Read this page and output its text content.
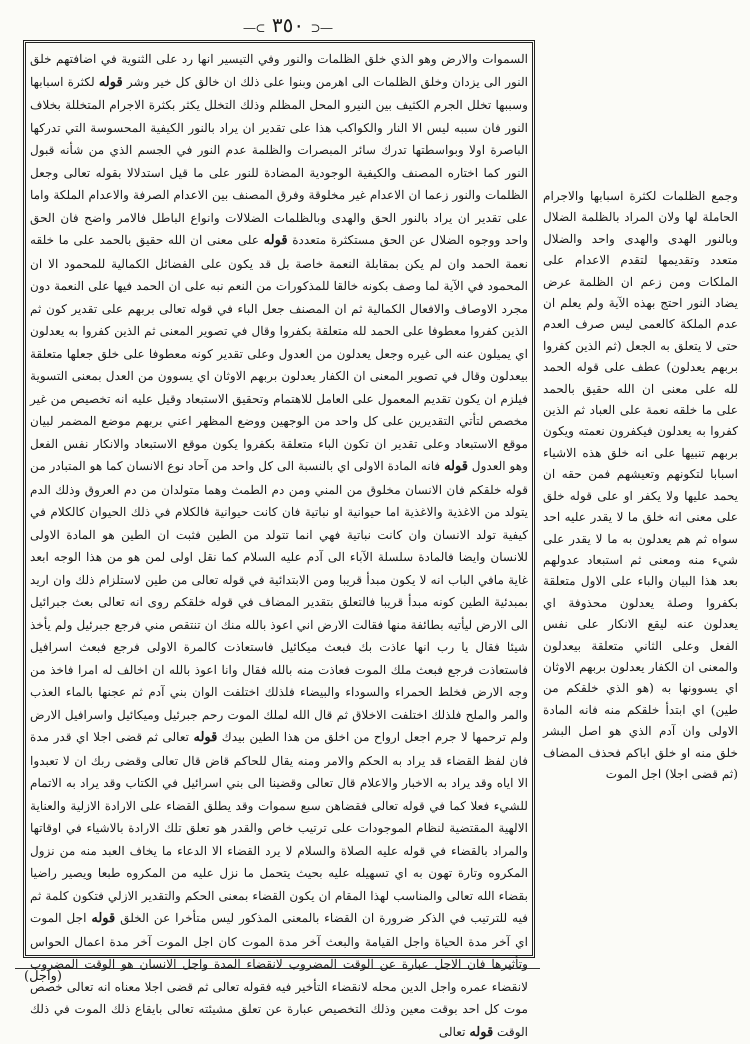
―⊂ ٣٥٠ ⊃―

السموات والارض وهو الذي خلق الظلمات والنور وفي التيسير انها رد على الثنوية في اضافتهم خلق النور الى يزدان وخلق الظلمات الى اهرمن وبنوا على ذلك ان خالق كل خير وشر قوله لكثرة اسبابها وسببها تخلل الجرم الكثيف بين النيرو المحل المظلم وذلك التخلل يكثر بكثرة الاجرام المتخللة بخلاف النور فان سببه ليس الا النار والكواكب هذا على تقدير ان يراد بالنور الكيفية المحسوسة التي تدركها الباصرة اولا وبواسطتها تدرك سائر المبصرات والظلمة عدم النور في الجسم الذي من شأنه قبول النور كما اختاره المصنف والكيفية الوجودية المضادة للنور على ما قيل استدلالا بقوله تعالى وجعل الظلمات والنور زعما ان الاعدام غير مخلوقة وفرق المصنف بين الاعدام الصرفة والاعدام الملكة واما على تقدير ان يراد بالنور الحق والهدى وبالظلمات الضلالات وانواع الباطل فالامر واضح فان الحق واحد ووجوه الضلال عن الحق مستكثرة متعددة قوله على معنى ان الله حقيق بالحمد على ما خلقه نعمة الحمد وان لم يكن بمقابلة النعمة خاصة بل قد يكون على الفضائل الكمالية للمحمود الا ان المحمود في الآية لما وصف بكونه خالقا للمذكورات من النعم نبه على ان الحمد فيها على النعمة دون مجرد الاوصاف والافعال الكمالية ثم ان المصنف جعل الباء في قوله تعالى بربهم على تقدير كون ثم الذين كفروا معطوفا على الحمد لله متعلقة بكفروا وقال في تصوير المعنى ثم الذين كفروا به يعدلون اي يميلون عنه الى غيره وجعل يعدلون من العدول وعلى تقدير كونه معطوفا على خلق جعلها متعلقة بيعدلون وقال في تصوير المعنى ان الكفار يعدلون بربهم الاوثان اي يسوون من العدل بمعنى التسوية فيلزم ان يكون تقديم المعمول على العامل للاهتمام وتحقيق الاستبعاد وقيل عليه انه تخصيص من غير مخصص لتأتي التقديرين على كل واحد من الوجهين ووضع المظهر اعني بربهم موضع المضمر لبيان موقع الاستبعاد وعلى تقدير ان تكون الباء متعلقة بكفروا يكون موقع الاستبعاد والانكار نفس الفعل وهو العدول قوله فانه المادة الاولى اي بالنسبة الى كل واحد من آحاد نوع الانسان كما هو المتبادر من قوله خلقكم فان الانسان مخلوق من المني ومن دم الطمث وهما متولدان من دم العروق وذلك الدم يتولد من الاغذية والاغذية اما حيوانية او نباتية فان كانت حيوانية فالكلام في ذلك الحيوان كالكلام في كيفية تولد الانسان وان كانت نباتية فهي انما تتولد من الطين فثبت ان الطين هو المادة الاولى للانسان وايضا فالمادة سلسلة الآباء الى آدم عليه السلام كما نقل اولى لمن هو من هذا الوجه ابعد غاية مافي الباب انه لا يكون مبدأ قريبا ومن الابتدائية في قوله تعالى من طين لاستلزام ذلك وان اريد بمبدئية الطين كونه مبدأ قريبا فالتعلق بتقدير المضاف في قوله خلقكم روى انه تعالى بعث جبرائيل الى الارض ليأتيه بطائفة منها فقالت الارض اني اعوذ بالله منك ان تنتقص مني فرجع جبرئيل ولم يأخذ شيئا فقال يا رب انها عاذت بك فبعث ميكائيل فاستعاذت كالمرة الاولى فرجع فبعث اسرافيل فاستعاذت فرجع فبعث ملك الموت فعاذت منه بالله فقال وانا اعوذ بالله ان اخالف له امرا فاخذ من وجه الارض فخلط الحمراء والسوداء والبيضاء فلذلك اختلفت الوان بني آدم ثم عجنها بالماء العذب والمر والملح فلذلك اختلفت الاخلاق ثم قال الله لملك الموت رحم جبرئيل وميكائيل واسرافيل الارض ولم ترحمها لا جرم اجعل ارواح من اخلق من هذا الطين بيدك قوله تعالى ثم قضى اجلا اي قدر مدة فان لفظ القضاء قد يراد به الحكم والامر ومنه يقال للحاكم قاض قال تعالى وقضى ربك ان لا تعبدوا الا اياه وقد يراد به الاخبار والاعلام قال تعالى وقضينا الى بني اسرائيل في الكتاب وقد يراد به الاتمام للشيء فعلا كما في قوله تعالى فقضاهن سبع سموات وقد يطلق القضاء على الارادة الازلية والعناية الالهية المقتضية لنظام الموجودات على ترتيب خاص والقدر هو تعلق تلك الارادة بالاشياء في اوقاتها والمراد بالقضاء في قوله عليه الصلاة والسلام لا يرد القضاء الا الدعاء ما يخاف العبد منه من نزول المكروه وتارة تهون به اي تسهيله عليه بحيث يتحمل ما نزل عليه من المكروه طبعا ويصير راضيا بقضاء الله تعالى والمناسب لهذا المقام ان يكون القضاء بمعنى الحكم والتقدير الازلي فتكون كلمة ثم فيه للترتيب في الذكر ضرورة ان القضاء بالمعنى المذكور ليس متأخرا عن الخلق قوله اجل الموت اي آخر مدة الحياة واجل القيامة والبعث آخر مدة الموت كان اجل الموت آخر مدة اعمال الحواس وتأثيرها فان الاجل عبارة عن الوقت المضروب لانقضاء المدة واجل الانسان هو الوقت المضروب لانقضاء عمره واجل الدين محله لانقضاء التأخير فيه فقوله تعالى ثم قضى اجلا معناه انه تعالى خصص موت كل احد بوقت معين وذلك التخصيص عبارة عن تعلق مشيئته تعالى بايقاع ذلك الموت في ذلك الوقت قوله تعالى

وجمع الظلمات لكثرة اسبابها والاجرام الحاملة لها ولان المراد بالظلمة الضلال وبالنور الهدى والهدى واحد والضلال متعدد وتقديمها لتقدم الاعدام على الملكات ومن زعم ان الظلمة عرض يضاد النور احتج بهذه الآية ولم يعلم ان عدم الملكة كالعمى ليس صرف العدم حتى لا يتعلق به الجعل (ثم الذين كفروا بربهم يعدلون) عطف على قوله الحمد لله على معنى ان الله حقيق بالحمد على ما خلقه نعمة على العباد ثم الذين كفروا به يعدلون فيكفرون نعمته ويكون بربهم تنبيها على انه خلق هذه الاشياء اسبابا لتكونهم وتعيشهم فمن حقه ان يحمد عليها ولا يكفر او على قوله خلق على معنى انه خلق ما لا يقدر عليه احد سواه ثم هم يعدلون به ما لا يقدر على شيء منه ومعنى ثم استبعاد عدولهم بعد هذا البيان والباء على الاول متعلقة بكفروا وصلة يعدلون محذوفة اي يعدلون عنه ليقع الانكار على نفس الفعل وعلى الثاني متعلقة بيعدلون والمعنى ان الكفار يعدلون بربهم الاوثان اي يسوونها به (هو الذي خلقكم من طين) اي ابتدأ خلقكم منه فانه المادة الاولى وان آدم الذي هو اصل البشر خلق منه او خلق اباكم فحذف المضاف (ثم قضى اجلا) اجل الموت

(واجل)
